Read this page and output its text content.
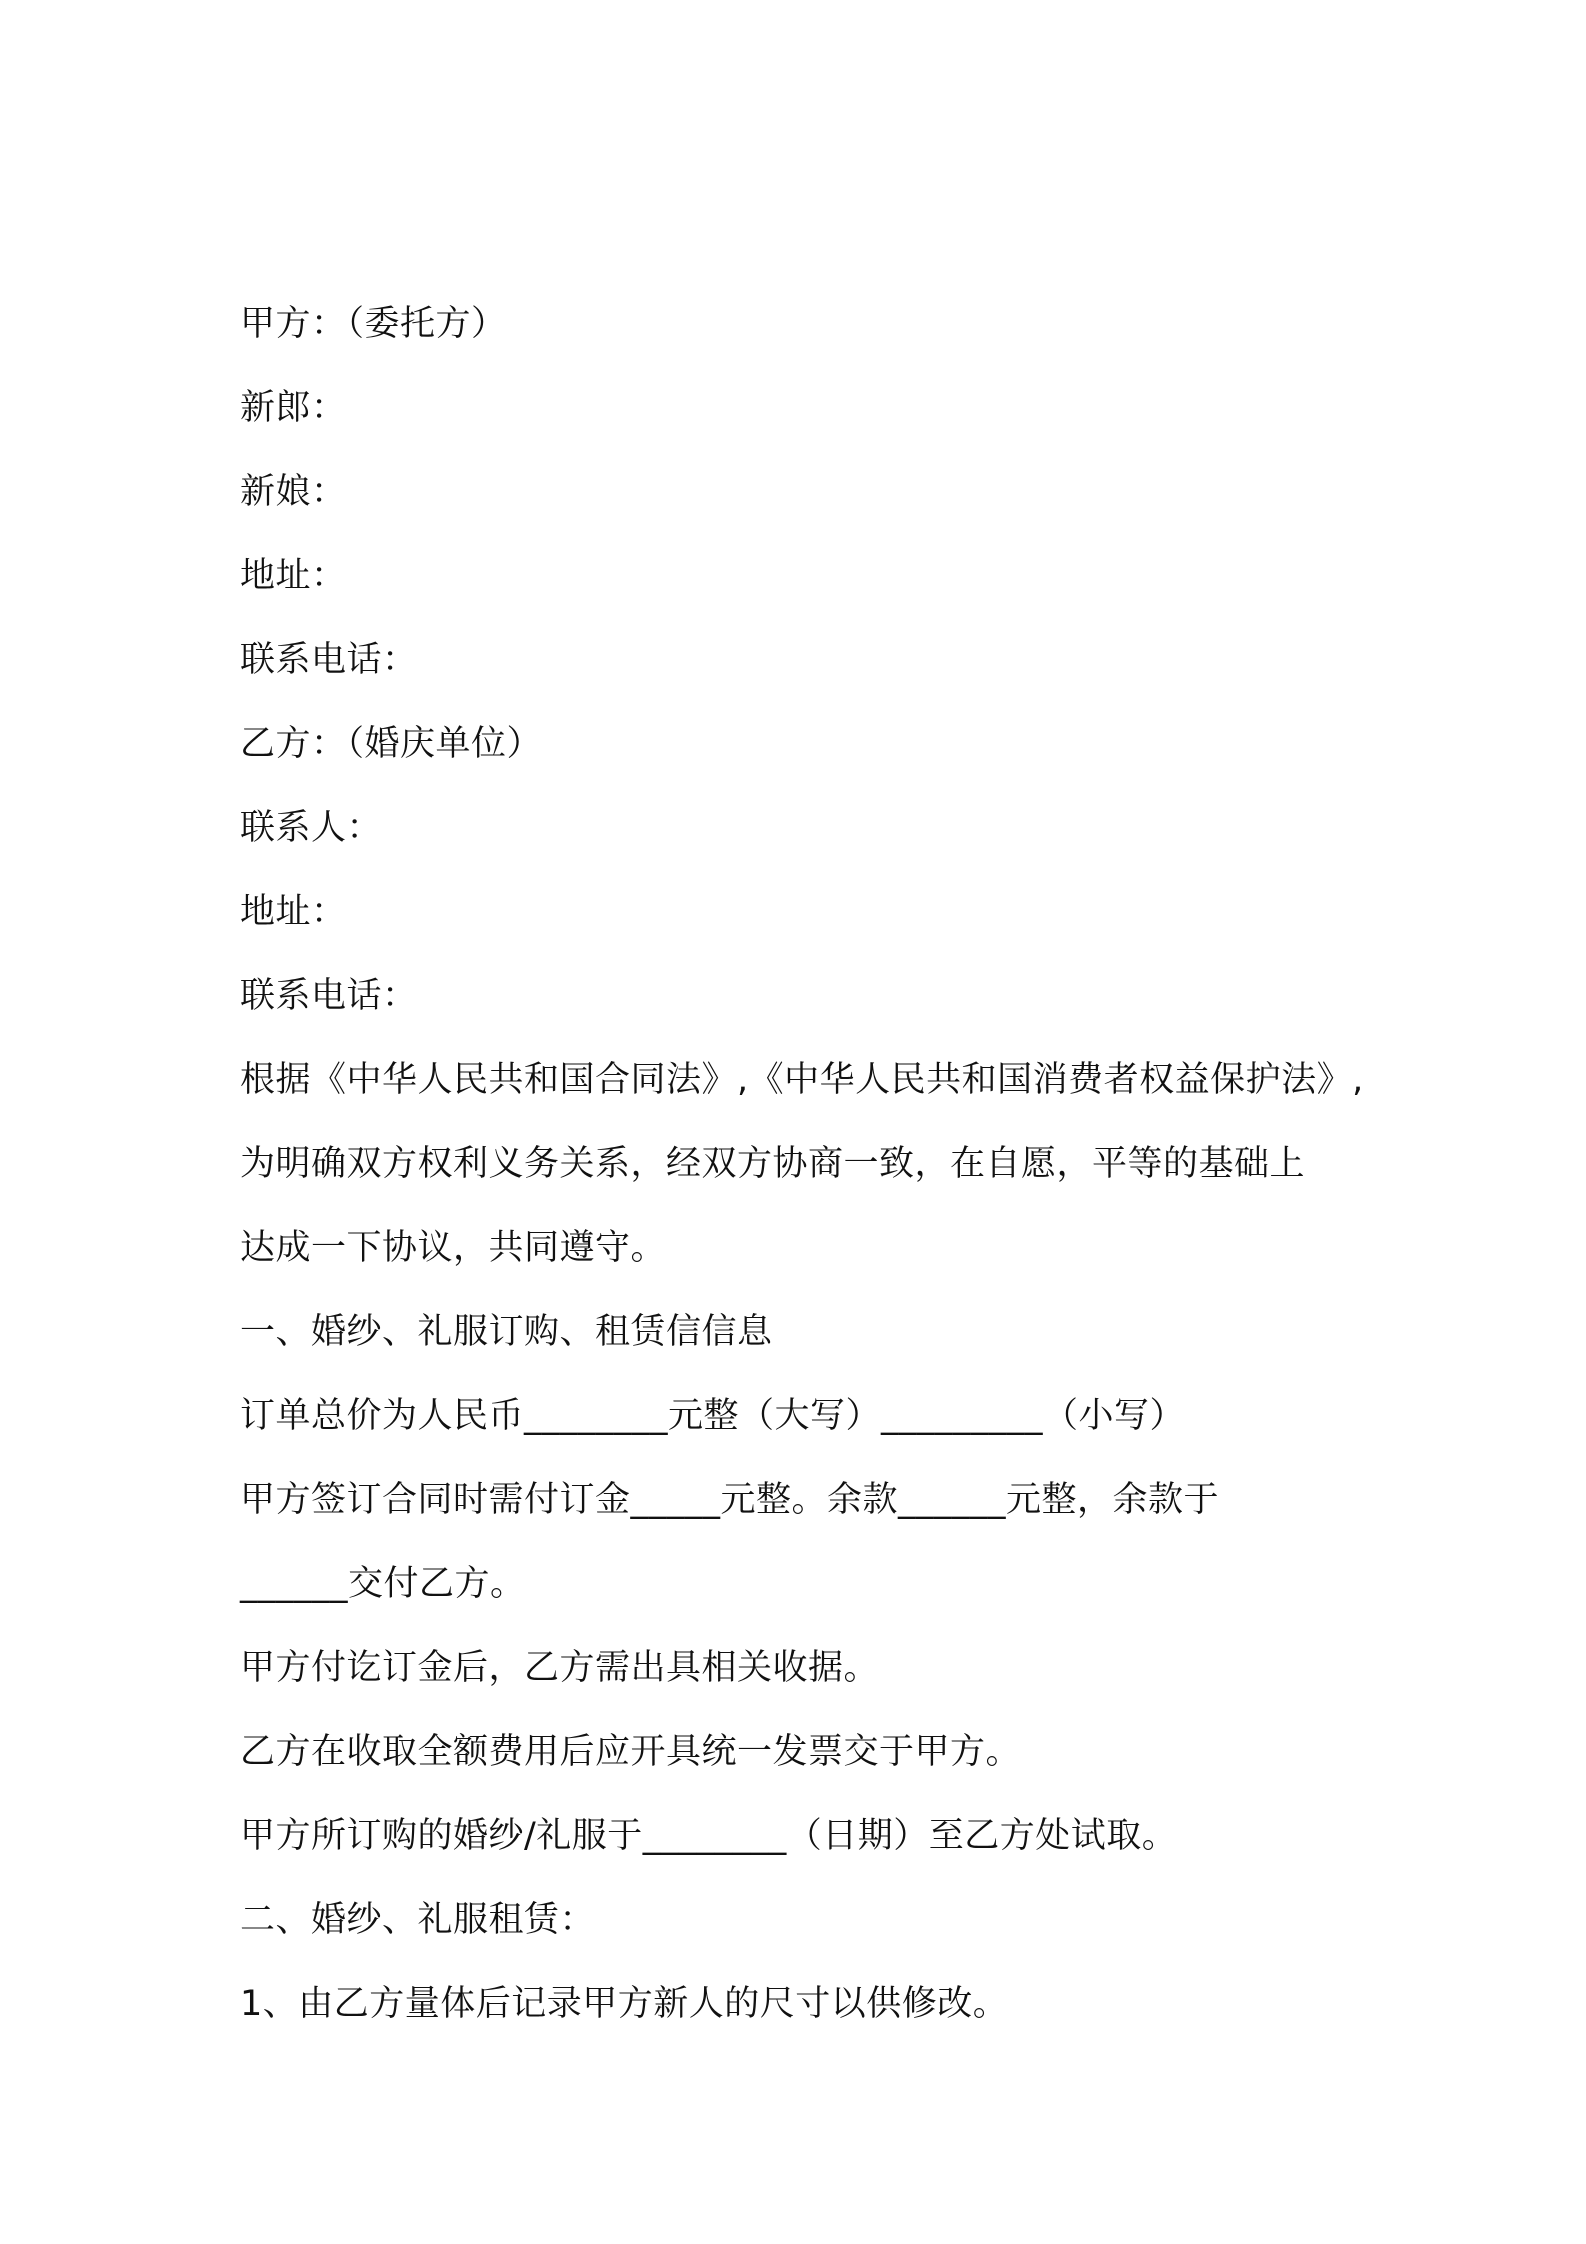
甲方：（委托方）
新郎：
新娘：
地址：
联系电话：
乙方：（婚庆单位）
联系人：
地址：
联系电话：
根据《中华人民共和国合同法》,《中华人民共和国消费者权益保护法》,
为明确双方权利义务关系，经双方协商一致，在自愿，平等的基础上
达成一下协议，共同遵守。
一、婚纱、礼服订购、租赁信信息
订单总价为人民币________元整（大写）_________（小写）
甲方签订合同时需付订金_____元整。余款______元整，余款于
______交付乙方。
甲方付讫订金后，乙方需出具相关收据。
乙方在收取全额费用后应开具统一发票交于甲方。
甲方所订购的婚纱/礼服于________（日期）至乙方处试取。
二、婚纱、礼服租赁：
1、由乙方量体后记录甲方新人的尺寸以供修改。
